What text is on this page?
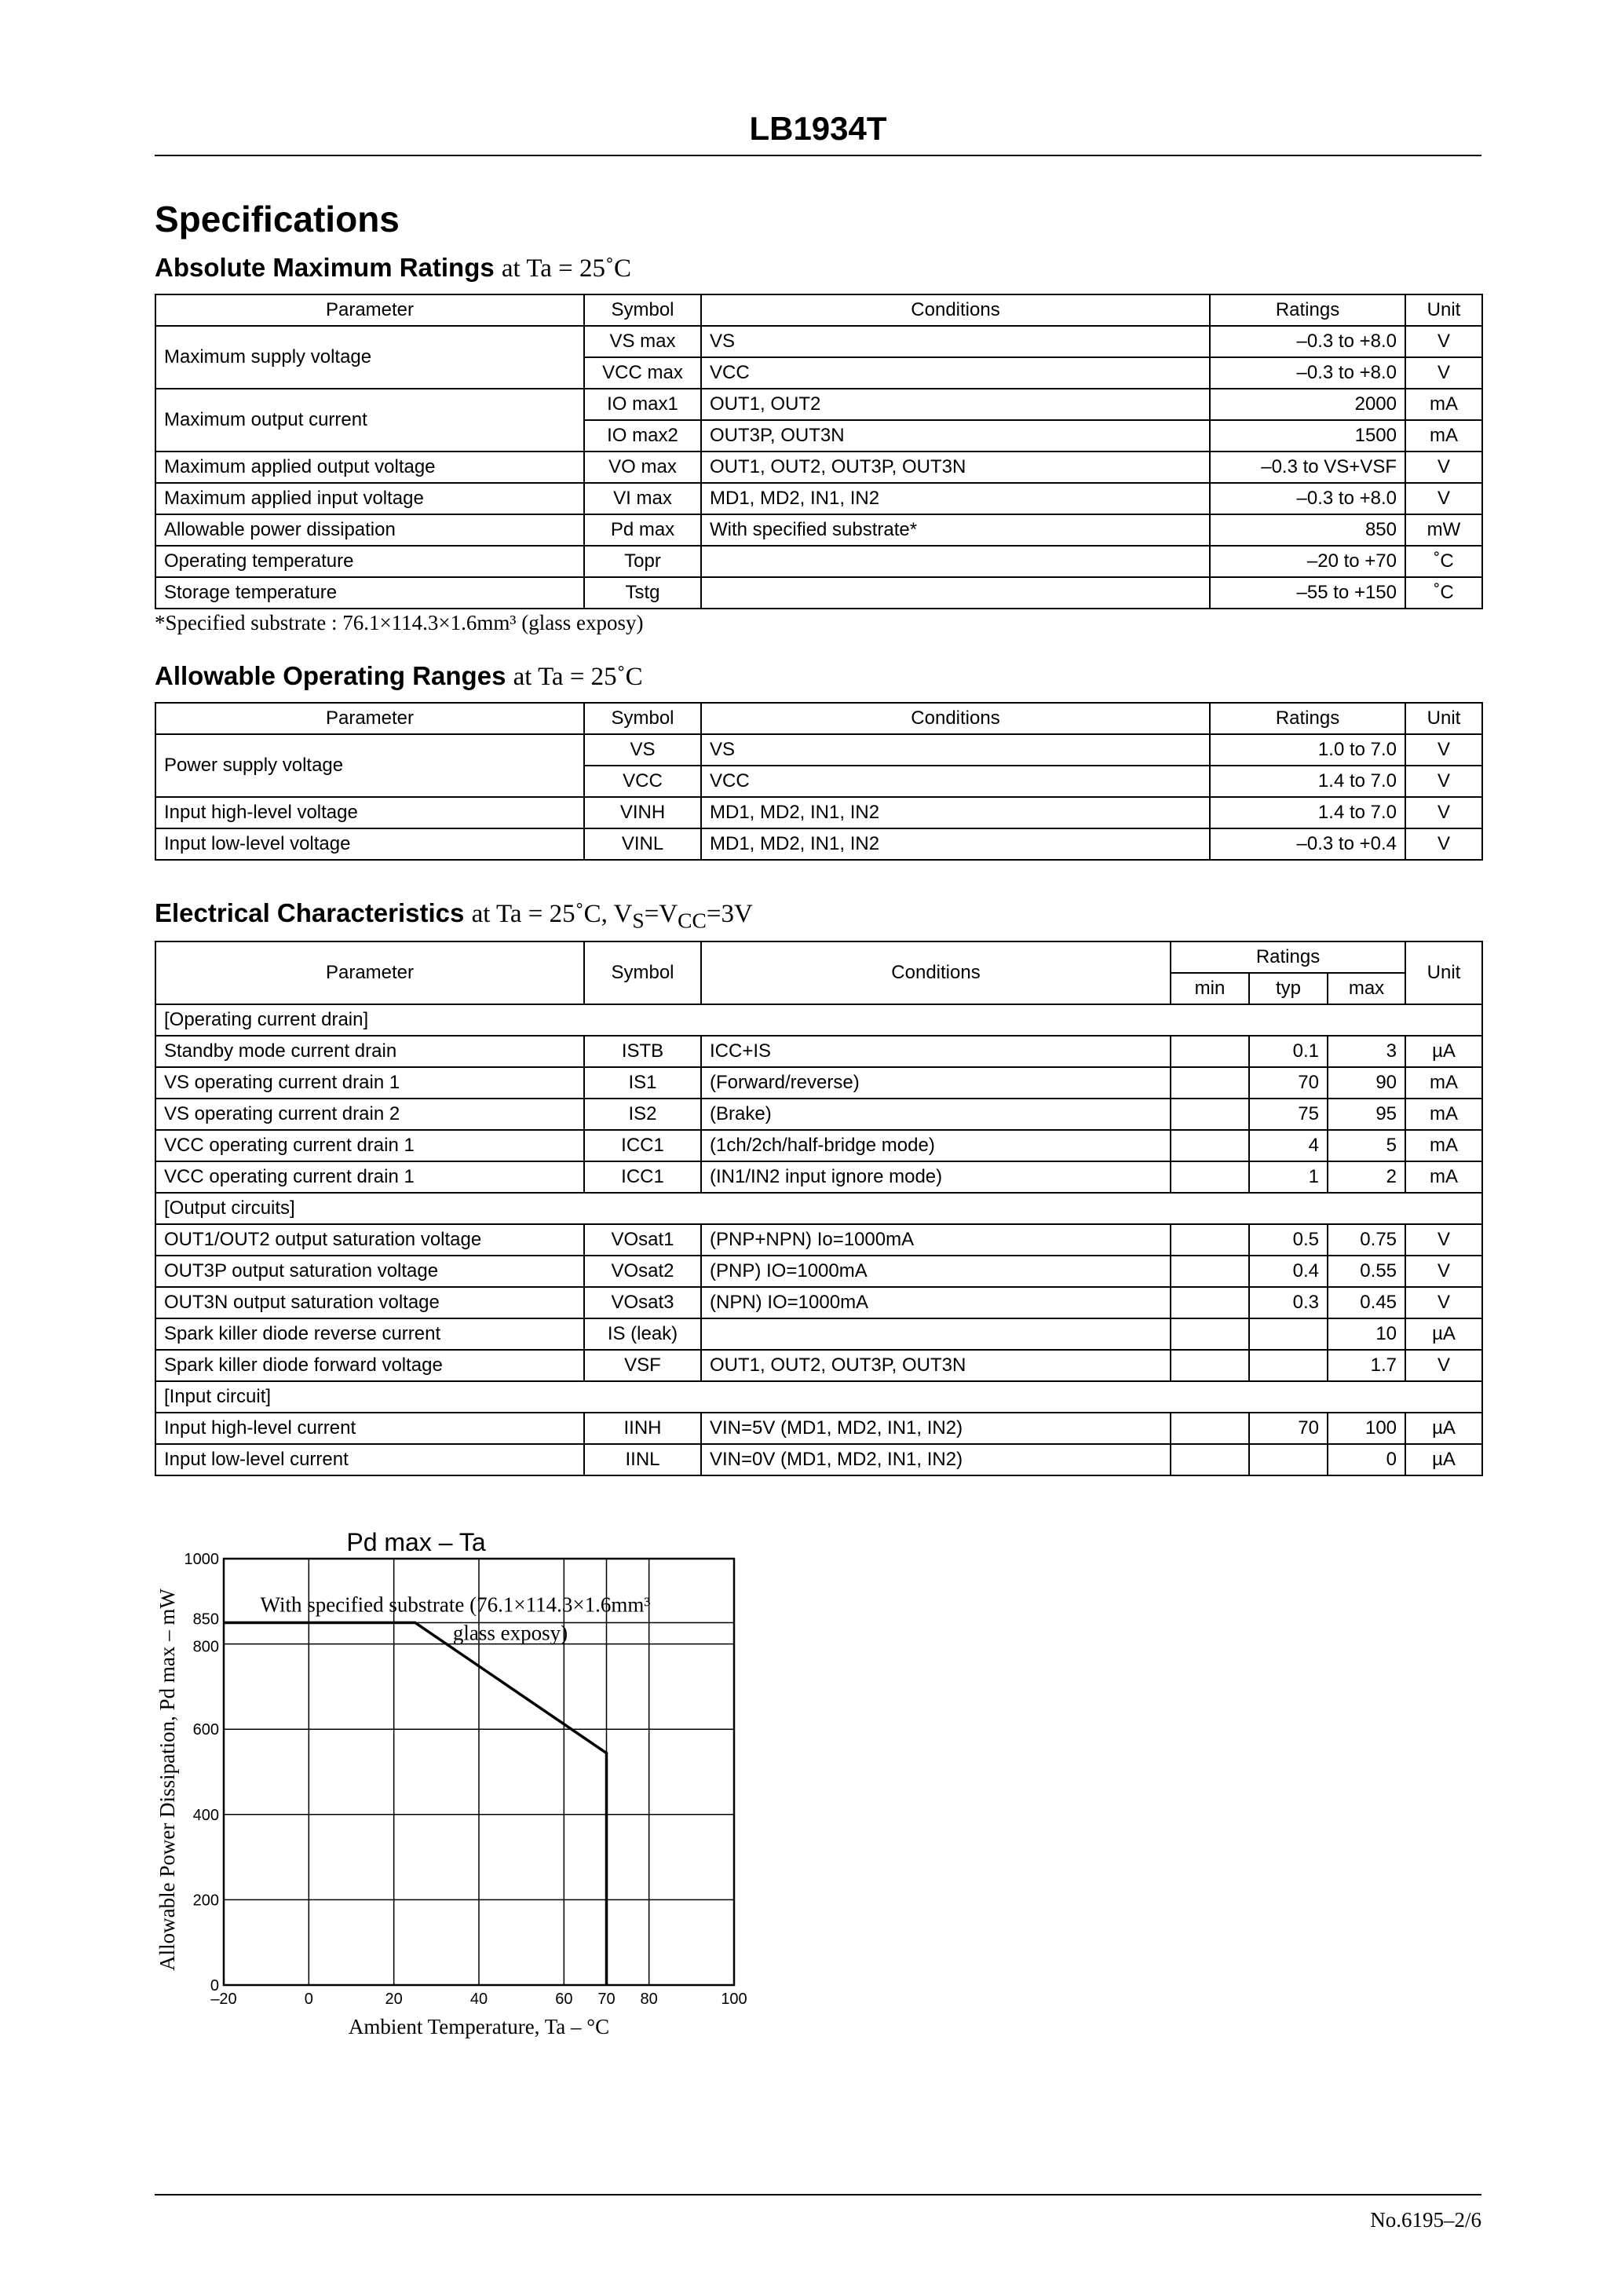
LB1934T
Specifications
Absolute Maximum Ratings at Ta = 25˚C
Parameter	Symbol	Conditions	Ratings	Unit
Maximum supply voltage	VS max	VS	–0.3 to +8.0	V
	VCC max	VCC	–0.3 to +8.0	V
Maximum output current	IO max1	OUT1, OUT2	2000	mA
	IO max2	OUT3P, OUT3N	1500	mA
Maximum applied output voltage	VO max	OUT1, OUT2, OUT3P, OUT3N	–0.3 to VS+VSF	V
Maximum applied input voltage	VI max	MD1, MD2, IN1, IN2	–0.3 to +8.0	V
Allowable power dissipation	Pd max	With specified substrate*	850	mW
Operating temperature	Topr		–20 to +70	˚C
Storage temperature	Tstg		–55 to +150	˚C
*Specified substrate : 76.1×114.3×1.6mm³ (glass exposy)
Allowable Operating Ranges at Ta = 25˚C
Parameter	Symbol	Conditions	Ratings	Unit
Power supply voltage	VS	VS	1.0 to 7.0	V
	VCC	VCC	1.4 to 7.0	V
Input high-level voltage	VINH	MD1, MD2, IN1, IN2	1.4 to 7.0	V
Input low-level voltage	VINL	MD1, MD2, IN1, IN2	–0.3 to +0.4	V
Electrical Characteristics at Ta = 25˚C, $V_S=V_{CC}=3V$
Parameter	Symbol	Conditions	Ratings			Unit
			min	typ	max	
[Operating current drain]						
Standby mode current drain	ISTB	ICC+IS		0.1	3	µA
VS operating current drain 1	IS1	(Forward/reverse)		70	90	mA
VS operating current drain 2	IS2	(Brake)		75	95	mA
VCC operating current drain 1	ICC1	(1ch/2ch/half-bridge mode)		4	5	mA
VCC operating current drain 1	ICC1	(IN1/IN2 input ignore mode)		1	2	mA
[Output circuits]						
OUT1/OUT2 output saturation voltage	VOsat1	(PNP+NPN) Io=1000mA		0.5	0.75	V
OUT3P output saturation voltage	VOsat2	(PNP) IO=1000mA		0.4	0.55	V
OUT3N output saturation voltage	VOsat3	(NPN) IO=1000mA		0.3	0.45	V
Spark killer diode reverse current	IS (leak)				10	µA
Spark killer diode forward voltage	VSF	OUT1, OUT2, OUT3P, OUT3N			1.7	V
[Input circuit]						
Input high-level current	IINH	VIN=5V (MD1, MD2, IN1, IN2)		70	100	µA
Input low-level current	IINL	VIN=0V (MD1, MD2, IN1, IN2)			0	µA
Pd max – Ta
–20	0	20	40	60 70 80	100
0
200
400
600
800
850
1000
With specified substrate (76.1×114.3×1.6mm³
glass exposy)
Ambient Temperature, Ta – °C
Allowable Power Dissipation, Pd max – mW
No.6195–2/6
